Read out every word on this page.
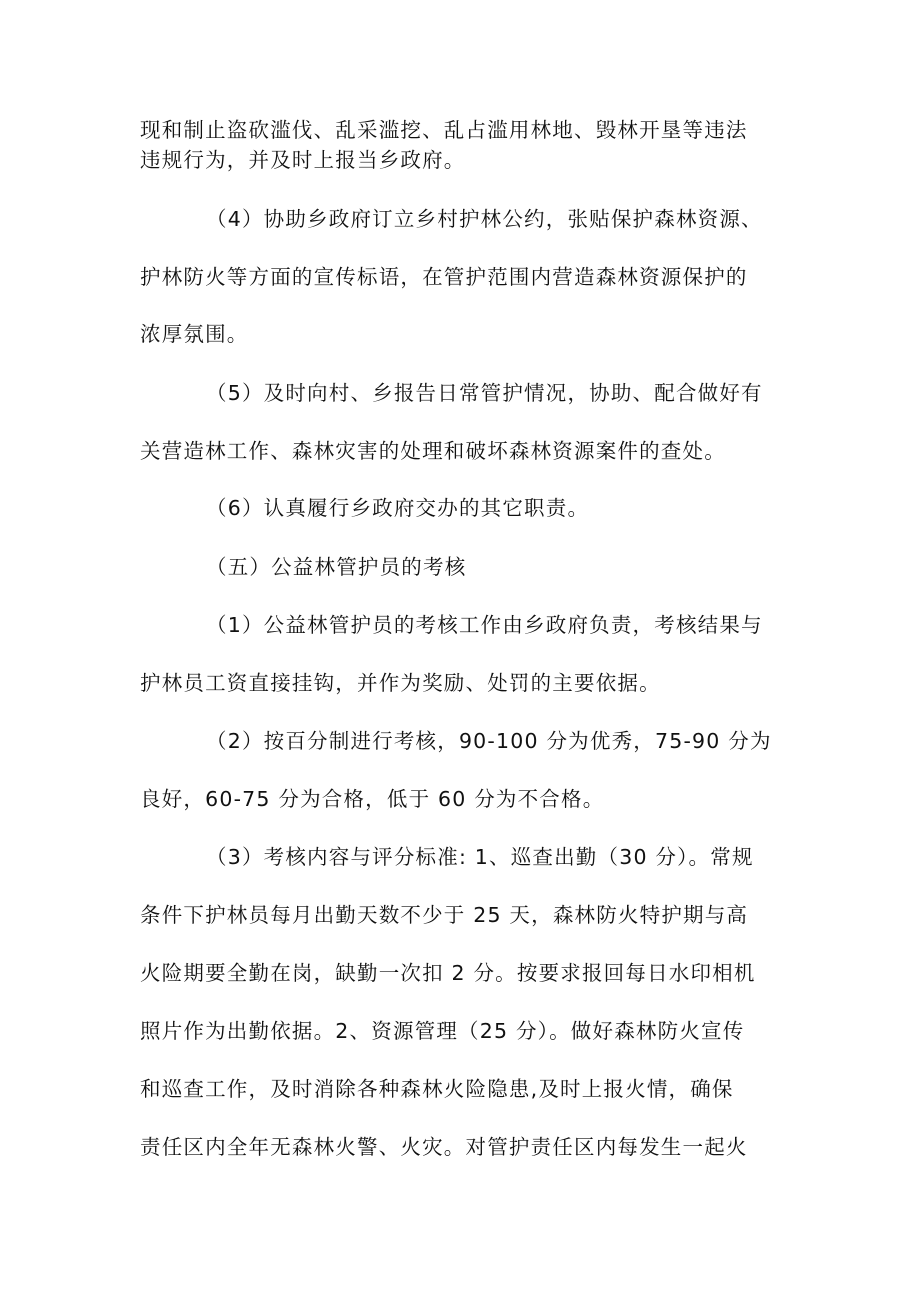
现和制止盗砍滥伐、乱采滥挖、乱占滥用林地、毁林开垦等违法
违规行为，并及时上报当乡政府。
（4）协助乡政府订立乡村护林公约，张贴保护森林资源、
护林防火等方面的宣传标语，在管护范围内营造森林资源保护的
浓厚氛围。
（5）及时向村、乡报告日常管护情况，协助、配合做好有
关营造林工作、森林灾害的处理和破坏森林资源案件的查处。
（6）认真履行乡政府交办的其它职责。
（五）公益林管护员的考核
（1）公益林管护员的考核工作由乡政府负责，考核结果与
护林员工资直接挂钩，并作为奖励、处罚的主要依据。
（2）按百分制进行考核，90-100 分为优秀，75-90 分为
良好，60-75 分为合格，低于 60 分为不合格。
（3）考核内容与评分标准: 1、巡查出勤（30 分）。常规
条件下护林员每月出勤天数不少于 25 天，森林防火特护期与高
火险期要全勤在岗，缺勤一次扣 2 分。按要求报回每日水印相机
照片作为出勤依据。2、资源管理（25 分）。做好森林防火宣传
和巡查工作，及时消除各种森林火险隐患,及时上报火情，确保
责任区内全年无森林火警、火灾。对管护责任区内每发生一起火
